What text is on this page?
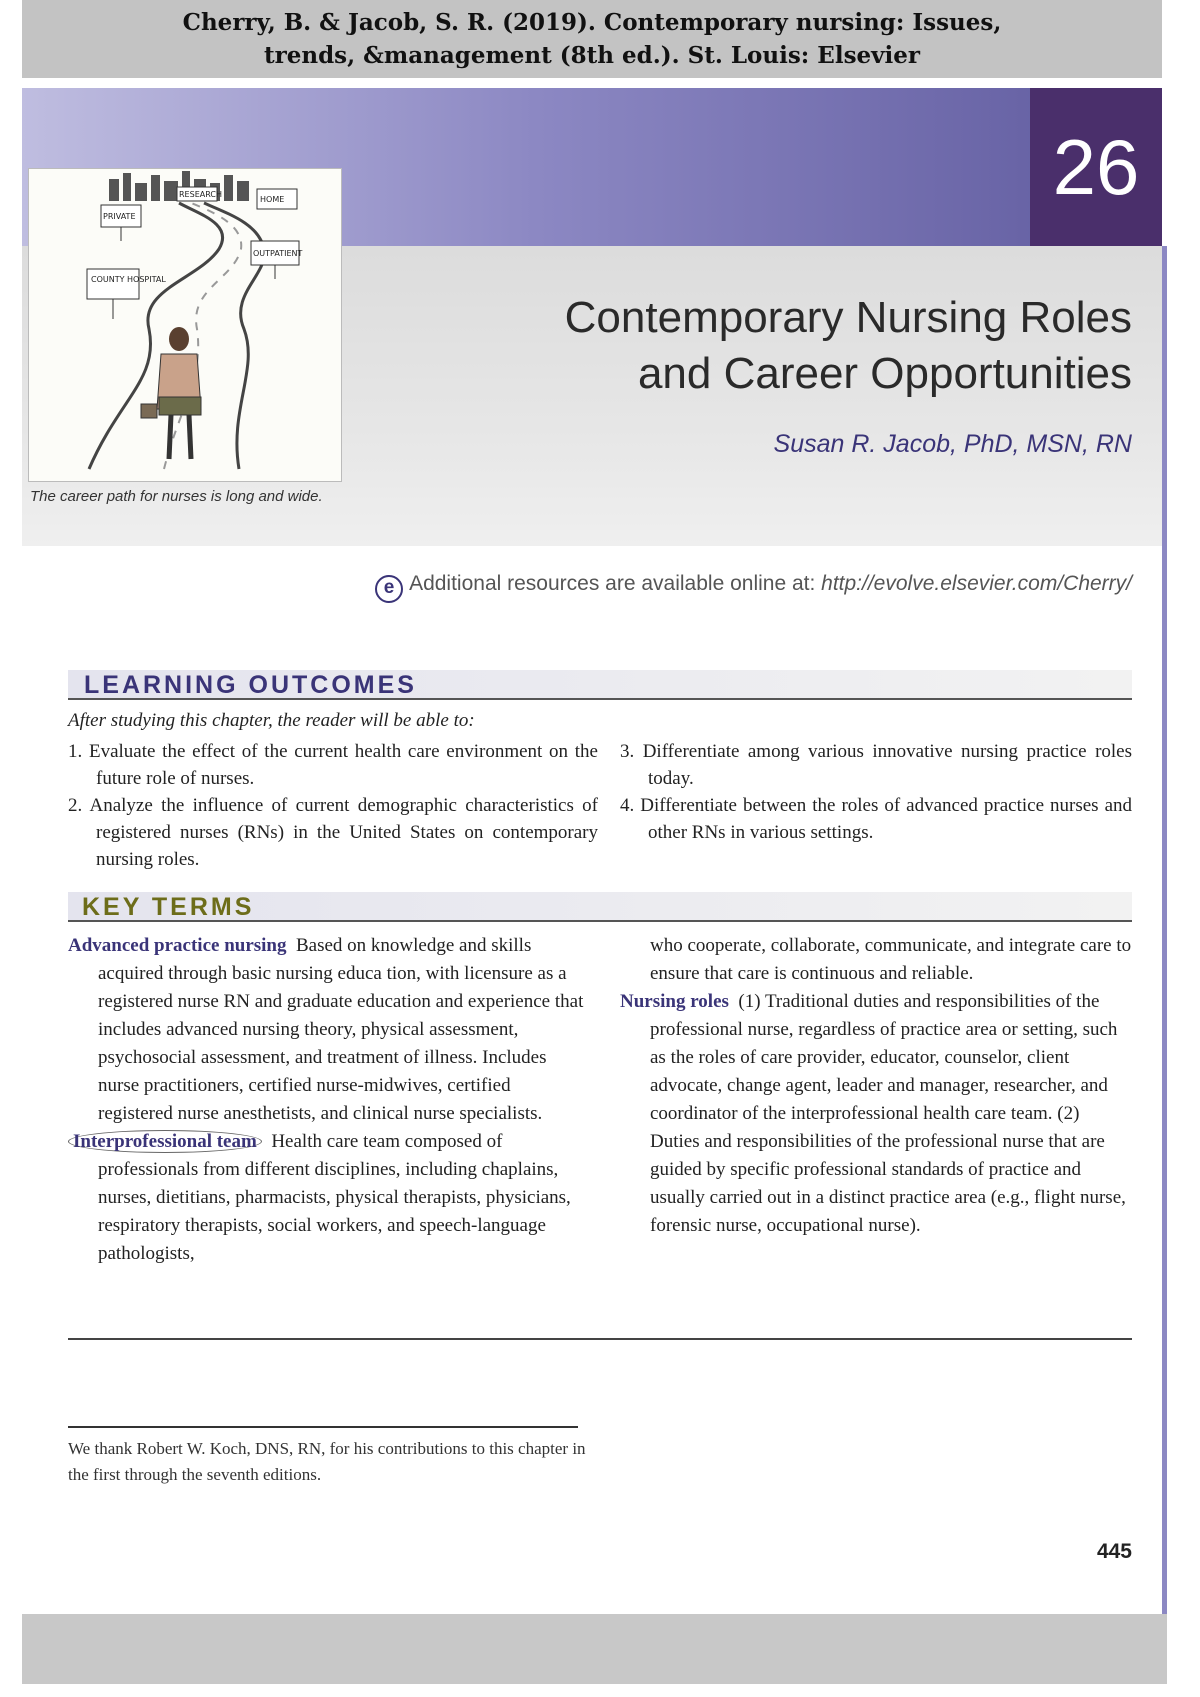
Cherry, B. & Jacob, S. R. (2019). Contemporary nursing: Issues,
trends, &management (8th ed.). St. Louis: Elsevier
26
COUNTY HOSPITAL
PRIVATE
OUTPATIENT
HOME
RESEARCH
The career path for nurses is long and wide.
Contemporary Nursing Roles
and Career Opportunities
Susan R. Jacob, PhD, MSN, RN
e Additional resources are available online at: http://evolve.elsevier.com/Cherry/
LEARNING OUTCOMES
After studying this chapter, the reader will be able to:
1. Evaluate the effect of the current health care environment on the future role of nurses.
2. Analyze the influence of current demographic characteristics of registered nurses (RNs) in the United States on contemporary nursing roles.
3. Differentiate among various innovative nursing practice roles today.
4. Differentiate between the roles of advanced practice nurses and other RNs in various settings.
KEY TERMS

Advanced practice nursing Based on knowledge and skills acquired through basic nursing educa tion, with licensure as a registered nurse RN and graduate education and experience that includes advanced nursing theory, physical assessment, psychosocial assessment, and treatment of illness. Includes nurse practitioners, certified nurse-midwives, certified registered nurse anesthetists, and clinical nurse specialists.

Interprofessional team Health care team composed of professionals from different disciplines, including chaplains, nurses, dietitians, pharmacists, physical therapists, physicians, respiratory therapists, social workers, and speech-language pathologists,

who cooperate, collaborate, communicate, and integrate care to ensure that care is continuous and reliable.

Nursing roles (1) Traditional duties and responsibilities of the professional nurse, regardless of practice area or setting, such as the roles of care provider, educator, counselor, client advocate, change agent, leader and manager, researcher, and coordinator of the interprofessional health care team. (2) Duties and responsibilities of the professional nurse that are guided by specific professional standards of practice and usually carried out in a distinct practice area (e.g., flight nurse, forensic nurse, occupational nurse).

We thank Robert W. Koch, DNS, RN, for his contributions to this chapter in the first through the seventh editions.
445
